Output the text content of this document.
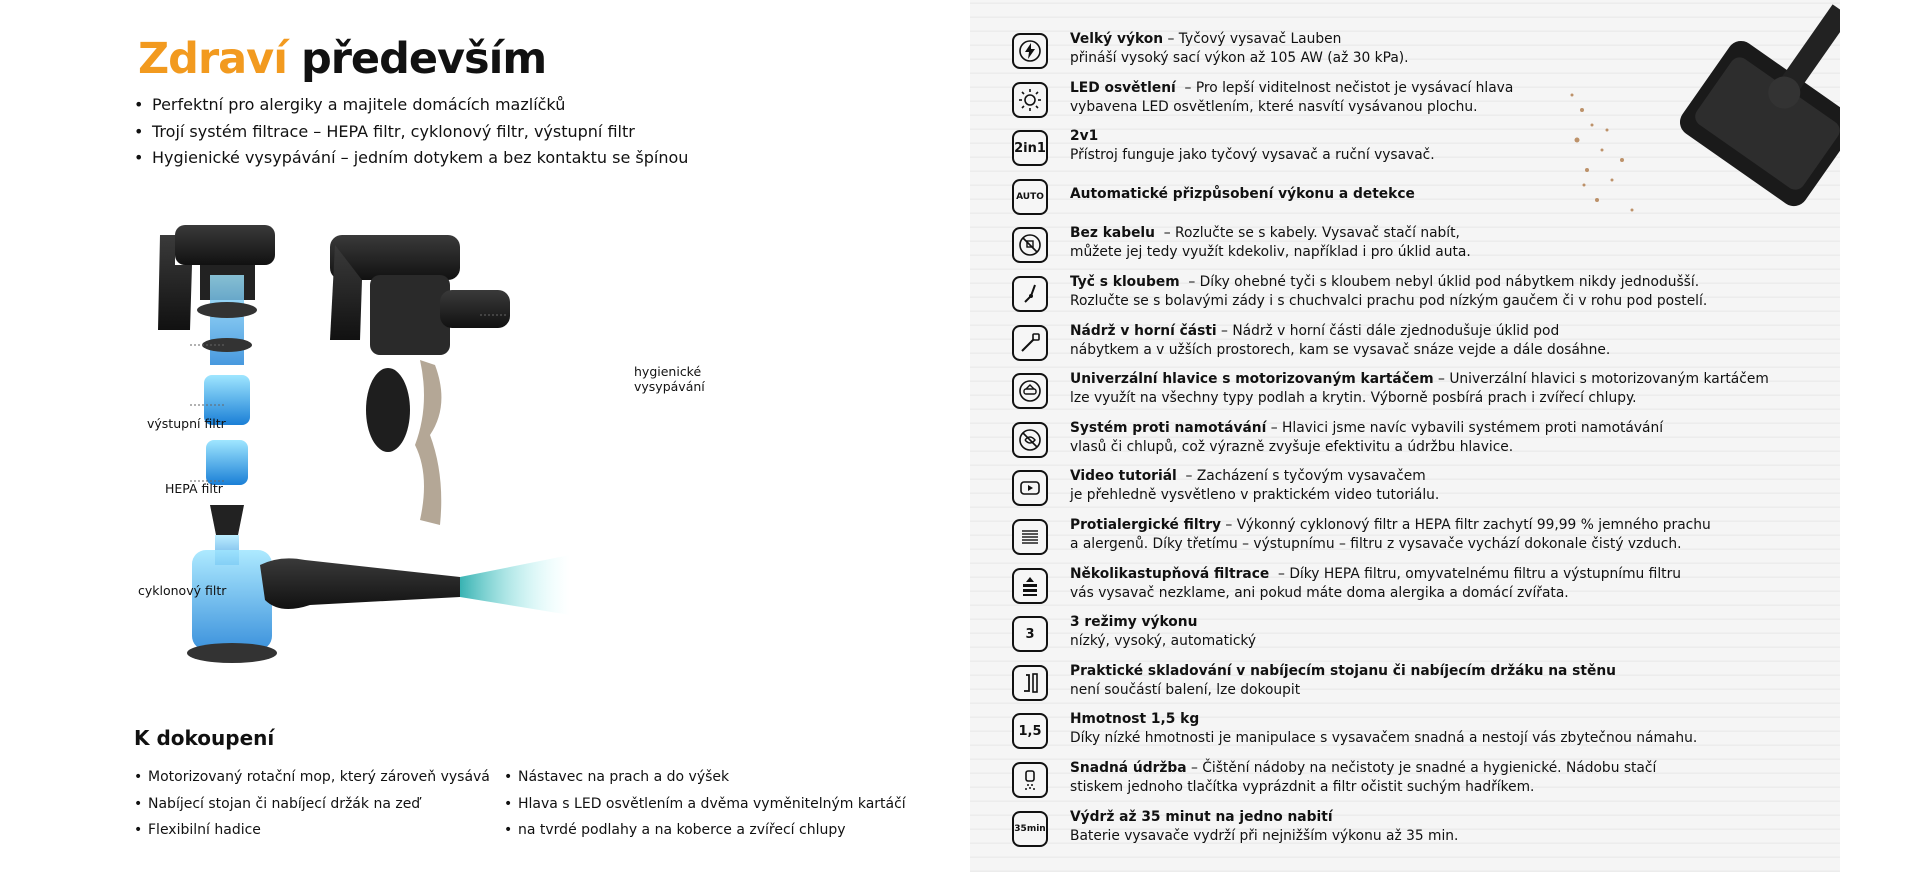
Zdraví především
• Perfektní pro alergiky a majitele domácích mazlíčků
• Trojí systém filtrace – HEPA filtr, cyklonový filtr, výstupní filtr
• Hygienické vysypávání – jedním dotykem a bez kontaktu se špínou
výstupní filtr
HEPA filtr
cyklonový filtr
hygienické
vysypávání
K dokoupení
• Motorizovaný rotační mop, který zároveň vysává
• Nabíjecí stojan či nabíjecí držák na zeď
• Flexibilní hadice
• Nástavec na prach a do výšek
• Hlava s LED osvětlením a dvěma vyměnitelným kartáčí
• na tvrdé podlahy a na koberce a zvířecí chlupy
Velký výkon – Tyčový vysavač Lauben
přináší vysoký sací výkon až 105 AW (až 30 kPa).
LED osvětlení  – Pro lepší viditelnost nečistot je vysávací hlava
vybavena LED osvětlením, které nasvítí vysávanou plochu.
2in1
2v1
Přístroj funguje jako tyčový vysavač a ruční vysavač.
AUTO Automatické přizpůsobení výkonu a detekce
Bez kabelu  – Rozlučte se s kabely. Vysavač stačí nabít,
můžete jej tedy využít kdekoliv, například i pro úklid auta.
Tyč s kloubem  – Díky ohebné tyči s kloubem nebyl úklid pod nábytkem nikdy jednodušší.
Rozlučte se s bolavými zády i s chuchvalci prachu pod nízkým gaučem či v rohu pod postelí.
Nádrž v horní části – Nádrž v horní části dále zjednodušuje úklid pod
nábytkem a v užších prostorech, kam se vysavač snáze vejde a dále dosáhne.
Univerzální hlavice s motorizovaným kartáčem – Univerzální hlavici s motorizovaným kartáčem
lze využít na všechny typy podlah a krytin. Výborně posbírá prach i zvířecí chlupy.
Systém proti namotávání – Hlavici jsme navíc vybavili systémem proti namotávání
vlasů či chlupů, což výrazně zvyšuje efektivitu a údržbu hlavice.
Video tutoriál  – Zacházení s tyčovým vysavačem
je přehledně vysvětleno v praktickém video tutoriálu.
Protialergické filtry – Výkonný cyklonový filtr a HEPA filtr zachytí 99,99 % jemného prachu
a alergenů. Díky třetímu – výstupnímu – filtru z vysavače vychází dokonale čistý vzduch.
Několikastupňová filtrace  – Díky HEPA filtru, omyvatelnému filtru a výstupnímu filtru
vás vysavač nezklame, ani pokud máte doma alergika a domácí zvířata.
3
3 režimy výkonu
nízký, vysoký, automatický
Praktické skladování v nabíjecím stojanu či nabíjecím držáku na stěnu
není součástí balení, lze dokoupit
1,5
Hmotnost 1,5 kg
Díky nízké hmotnosti je manipulace s vysavačem snadná a nestojí vás zbytečnou námahu.
Snadná údržba – Čištění nádoby na nečistoty je snadné a hygienické. Nádobu stačí
stiskem jednoho tlačítka vyprázdnit a filtr očistit suchým hadříkem.
35min
Výdrž až 35 minut na jedno nabití
Baterie vysavače vydrží při nejnižším výkonu až 35 min.
